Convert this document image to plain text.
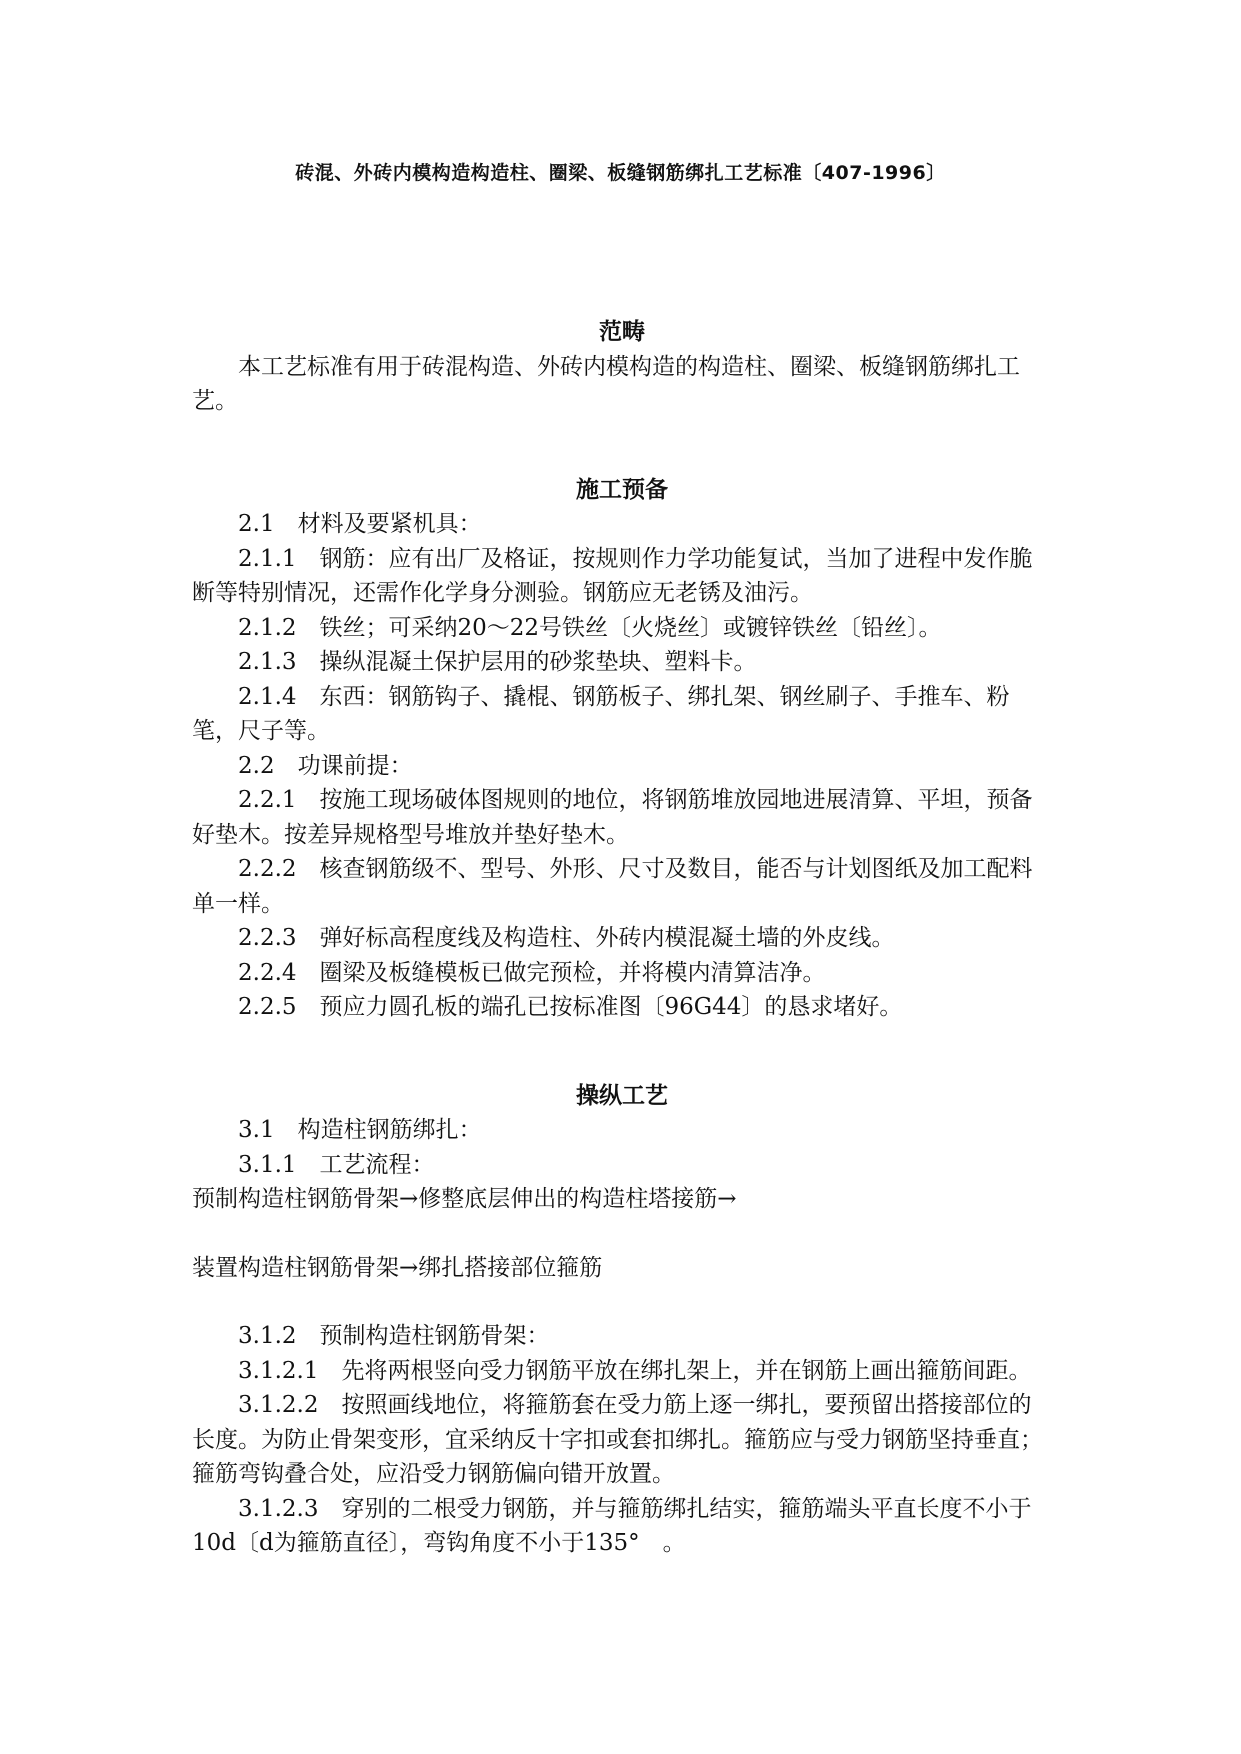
砖混、外砖内模构造构造柱、圈梁、板缝钢筋绑扎工艺标准〔407-1996〕
范畴

本工艺标准有用于砖混构造、外砖内模构造的构造柱、圈梁、板缝钢筋绑扎工艺。

施工预备

2.1　材料及要紧机具：

2.1.1　钢筋：应有出厂及格证，按规则作力学功能复试，当加了进程中发作脆断等特别情况，还需作化学身分测验。钢筋应无老锈及油污。

2.1.2　铁丝；可采纳20～22号铁丝〔火烧丝〕或镀锌铁丝〔铅丝〕。

2.1.3　操纵混凝土保护层用的砂浆垫块、塑料卡。

2.1.4　东西：钢筋钩子、撬棍、钢筋板子、绑扎架、钢丝刷子、手推车、粉笔，尺子等。

2.2　功课前提：

2.2.1　按施工现场破体图规则的地位，将钢筋堆放园地进展清算、平坦，预备好垫木。按差异规格型号堆放并垫好垫木。

2.2.2　核查钢筋级不、型号、外形、尺寸及数目，能否与计划图纸及加工配料单一样。

2.2.3　弹好标高程度线及构造柱、外砖内模混凝土墙的外皮线。

2.2.4　圈梁及板缝模板已做完预检，并将模内清算洁净。

2.2.5　预应力圆孔板的端孔已按标准图〔96G44〕的恳求堵好。

操纵工艺

3.1　构造柱钢筋绑扎：

3.1.1　工艺流程：

预制构造柱钢筋骨架→修整底层伸出的构造柱塔接筋→

装置构造柱钢筋骨架→绑扎搭接部位箍筋

3.1.2　预制构造柱钢筋骨架：

3.1.2.1　先将两根竖向受力钢筋平放在绑扎架上，并在钢筋上画出箍筋间距。

3.1.2.2　按照画线地位，将箍筋套在受力筋上逐一绑扎，要预留出搭接部位的长度。为防止骨架变形，宜采纳反十字扣或套扣绑扎。箍筋应与受力钢筋坚持垂直；箍筋弯钩叠合处，应沿受力钢筋偏向错开放置。

3.1.2.3　穿别的二根受力钢筋，并与箍筋绑扎结实，箍筋端头平直长度不小于10d〔d为箍筋直径〕，弯钩角度不小于135°　。
